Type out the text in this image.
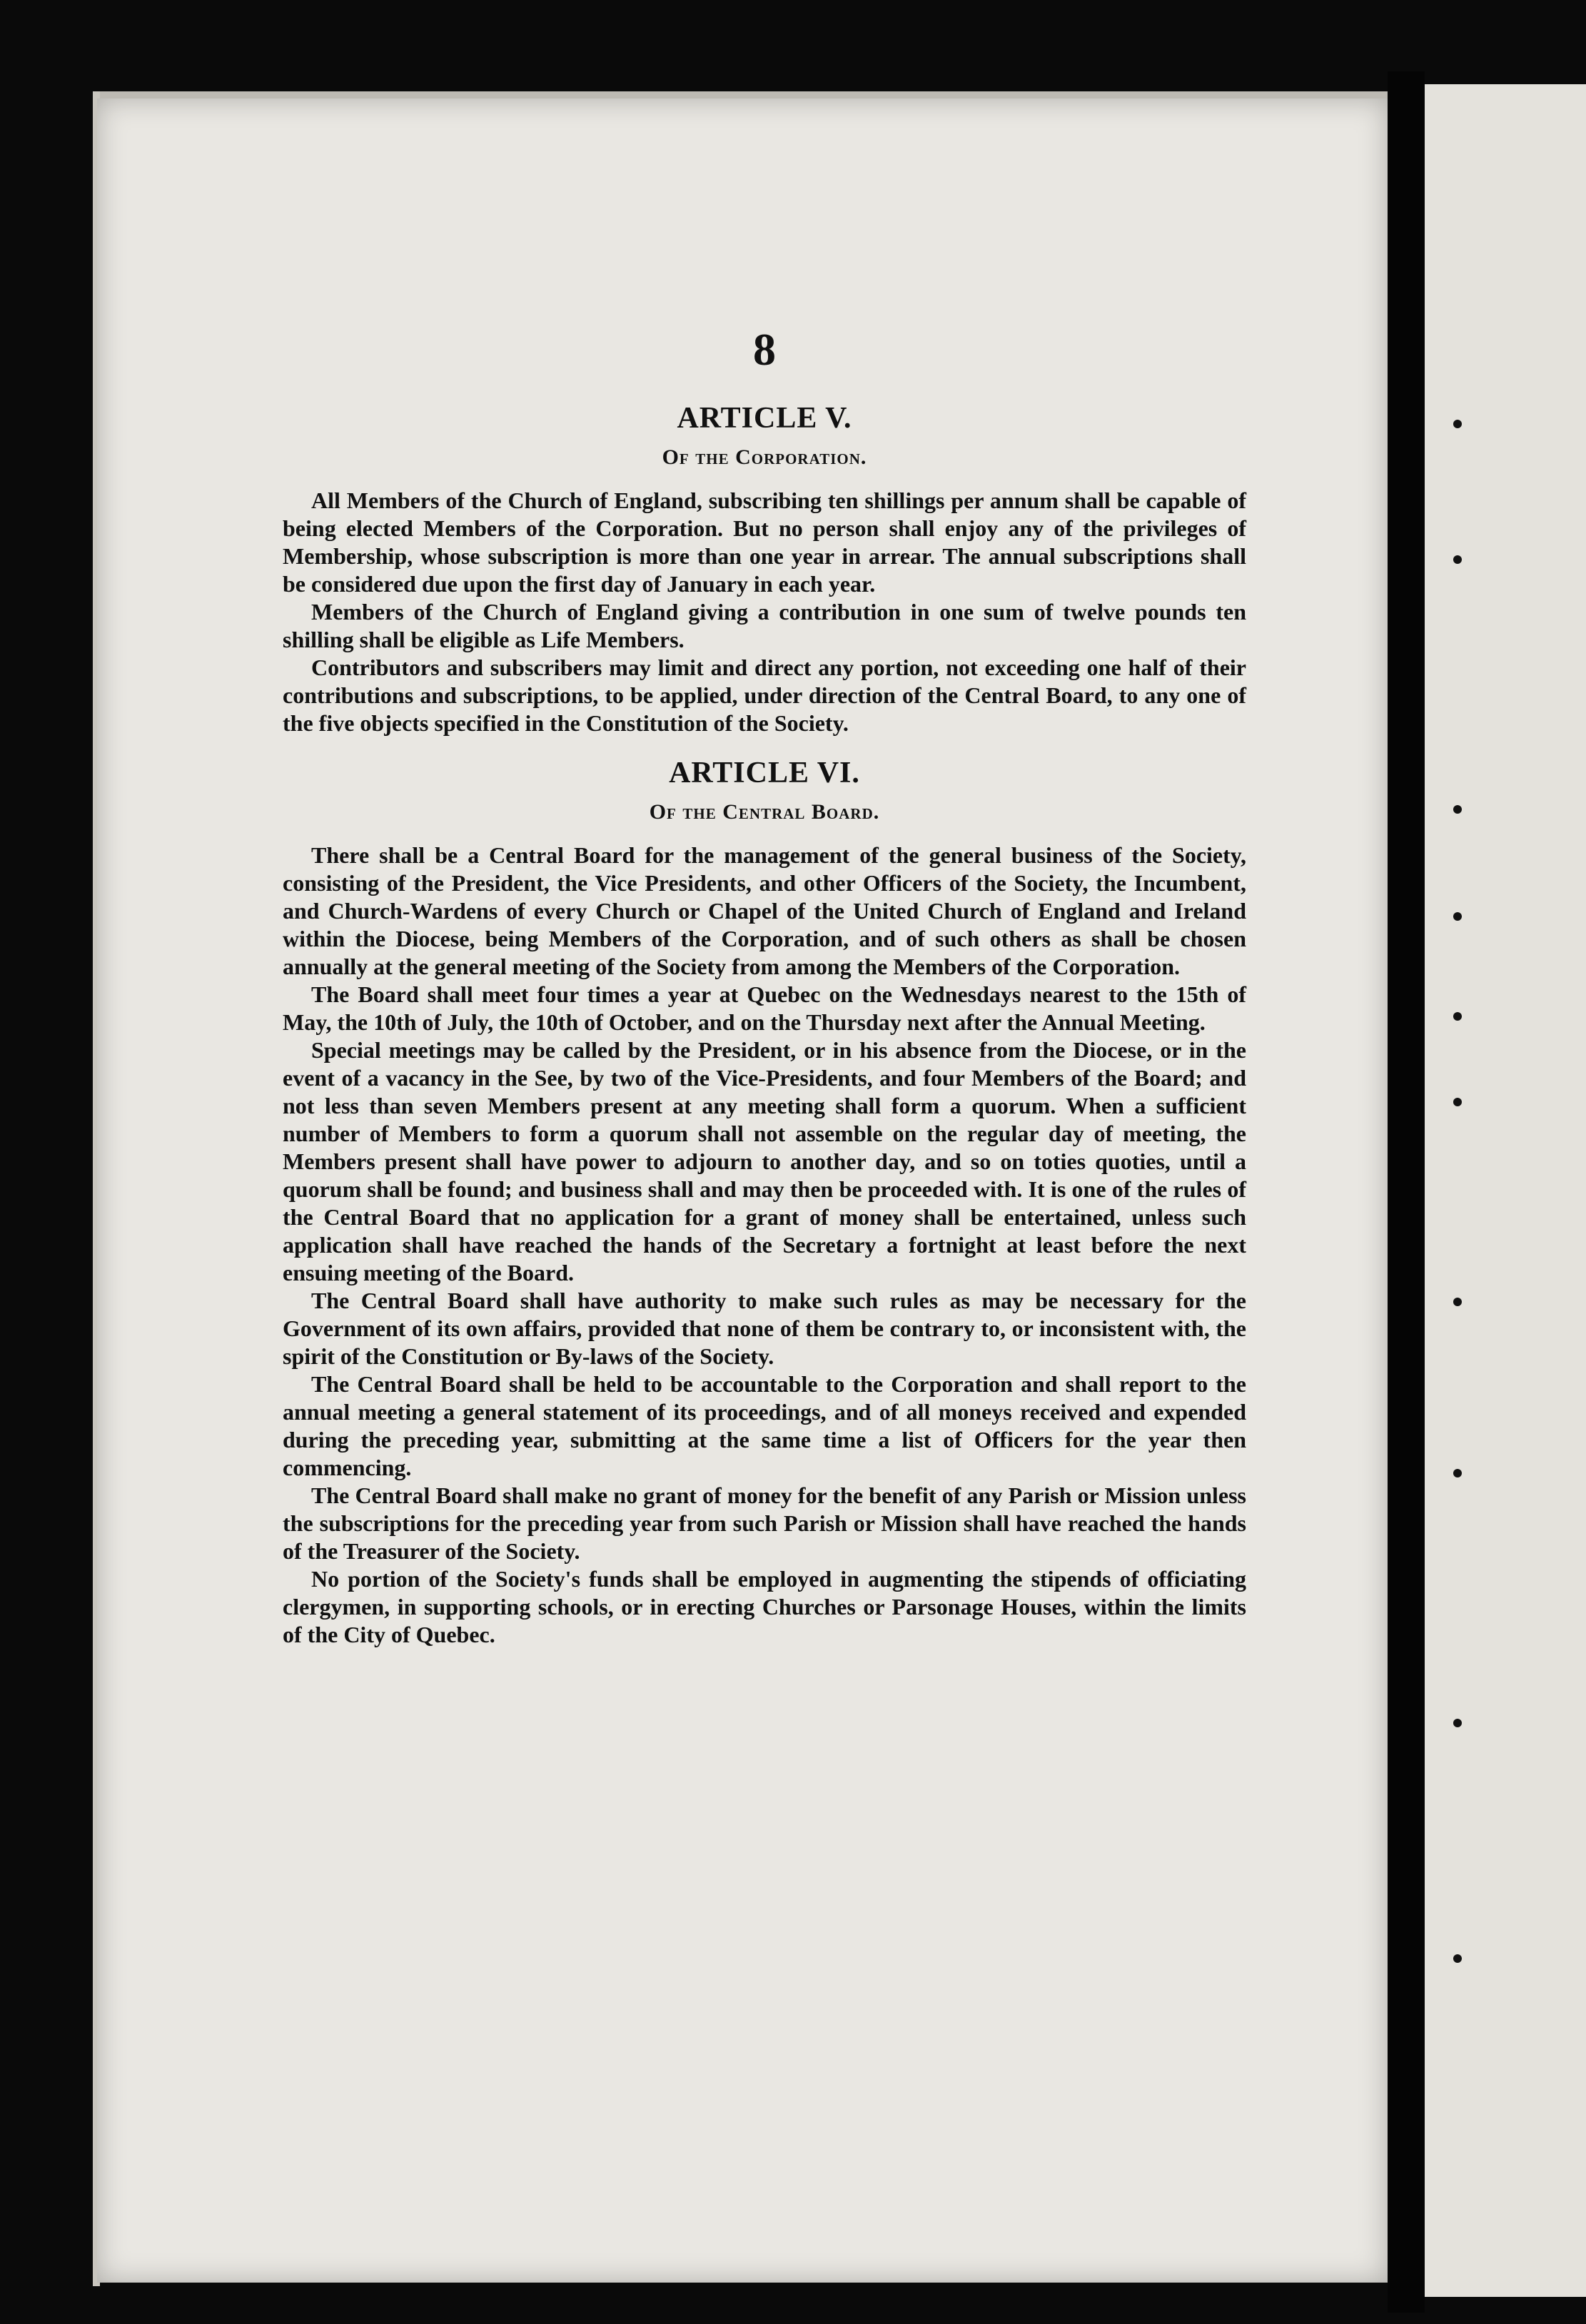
8
ARTICLE V.
Of the Corporation.

All Members of the Church of England, subscribing ten shillings per annum shall be capable of being elected Members of the Corporation. But no person shall enjoy any of the privileges of Membership, whose subscription is more than one year in arrear. The annual subscriptions shall be considered due upon the first day of January in each year.

Members of the Church of England giving a contribution in one sum of twelve pounds ten shilling shall be eligible as Life Members.

Contributors and subscribers may limit and direct any portion, not exceeding one half of their contributions and subscriptions, to be applied, under direction of the Central Board, to any one of the five objects specified in the Constitution of the Society.

ARTICLE VI.
Of the Central Board.

There shall be a Central Board for the management of the general business of the Society, consisting of the President, the Vice Presidents, and other Officers of the Society, the Incumbent, and Church-Wardens of every Church or Chapel of the United Church of England and Ireland within the Diocese, being Members of the Corporation, and of such others as shall be chosen annually at the general meeting of the Society from among the Members of the Corporation.

The Board shall meet four times a year at Quebec on the Wednesdays nearest to the 15th of May, the 10th of July, the 10th of October, and on the Thursday next after the Annual Meeting.

Special meetings may be called by the President, or in his absence from the Diocese, or in the event of a vacancy in the See, by two of the Vice-Presidents, and four Members of the Board; and not less than seven Members present at any meeting shall form a quorum. When a sufficient number of Members to form a quorum shall not assemble on the regular day of meeting, the Members present shall have power to adjourn to another day, and so on toties quoties, until a quorum shall be found; and business shall and may then be proceeded with. It is one of the rules of the Central Board that no application for a grant of money shall be entertained, unless such application shall have reached the hands of the Secretary a fortnight at least before the next ensuing meeting of the Board.

The Central Board shall have authority to make such rules as may be necessary for the Government of its own affairs, provided that none of them be contrary to, or inconsistent with, the spirit of the Constitution or By-laws of the Society.

The Central Board shall be held to be accountable to the Corporation and shall report to the annual meeting a general statement of its proceedings, and of all moneys received and expended during the preceding year, submitting at the same time a list of Officers for the year then commencing.

The Central Board shall make no grant of money for the benefit of any Parish or Mission unless the subscriptions for the preceding year from such Parish or Mission shall have reached the hands of the Treasurer of the Society.

No portion of the Society's funds shall be employed in augmenting the stipends of officiating clergymen, in supporting schools, or in erecting Churches or Parsonage Houses, within the limits of the City of Quebec.
